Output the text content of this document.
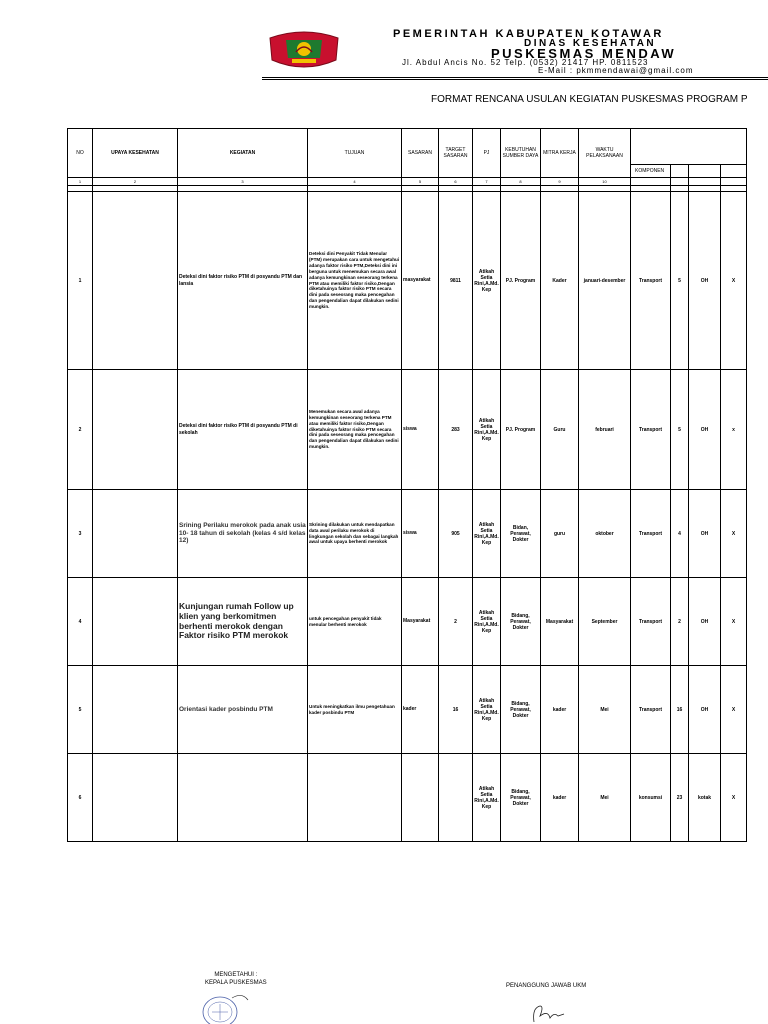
PEMERINTAH KABUPATEN KOTAWAR
DINAS KESEHATAN
PUSKESMAS MENDAW
Jl. Abdul Ancis No. 52 Telp. (0532) 21417 HP. 0811523
E-Mail : pkmmendawai@gmail.com
FORMAT RENCANA USULAN KEGIATAN PUSKESMAS PROGRAM P
NO	UPAYA KESEHATAN	KEGIATAN	TUJUAN	SASARAN	TARGET SASARAN	PJ	KEBUTUHAN SUMBER DAYA	MITRA KERJA	WAKTU PELAKSANAAN				
										KOMPONEN			
1	2	3	4	5	6	7	8	9	10				

1		Deteksi dini faktor risiko PTM di posyandu PTM dan lansia	Deteksi dini Penyakit Tidak Menular (PTM) merupakan cara untuk mengetahui adanya faktor risiko PTM,Deteksi dini ini berguna untuk menemukan secara awal adanya kemungkinan seseorang terkena PTM atau memiliki faktor risiko,Dengan diketahuinya faktor risiko PTM secara dini pada seseorang maka pencegahan dan pengendalian dapat dilakukan sedini mungkin.	masyarakat	9811	Atikah Setia Rini,A.Md. Kep	PJ. Program	Kader	januari-desember	Transport	5	OH	X
2		Deteksi dini faktor risiko PTM di posyandu PTM di sekolah	Menemukan secara awal adanya kemungkinan seseorang terkena PTM atau memiliki faktor risiko,Dengan diketahuinya faktor risiko PTM secara dini pada seseorang maka pencegahan dan pengendalian dapat dilakukan sedini mungkin.	siswa	283	Atikah Setia Rini,A.Md. Kep	PJ. Program	Guru	februari	Transport	5	OH	x
3		Srining Perilaku merokok pada anak usia 10- 18 tahun di sekolah (kelas 4 s/d kelas 12)	Skrining dilakukan untuk mendapatkan data awal perilaku merokok di lingkungan sekolah dan sebagai langkah awal untuk upaya berhenti merokok	siswa	905	Atikah Setia Rini,A.Md. Kep	Bidan, Perawat, Dokter	guru	oktober	Transport	4	OH	X
4		Kunjungan rumah Follow up klien yang berkomitmen berhenti merokok dengan Faktor risiko PTM merokok	untuk pencegahan penyakit tidak menular berhenti merokok	Masyarakat	2	Atikah Setia Rini,A.Md. Kep	Bidang, Perawat, Dokter	Masyarakat	September	Transport	2	OH	X
5		Orientasi kader posbindu PTM	Untuk meningkatkan ilmu pengetahuan kader posbindu PTM	kader	16	Atikah Setia Rini,A.Md. Kep	Bidang, Perawat, Dokter	kader	Mei	Transport	16	OH	X
6						Atikah Setia Rini,A.Md. Kep	Bidang, Perawat, Dokter	kader	Mei	konsumsi	23	kotak	X
MENGETAHUI :
KEPALA PUSKESMAS
PENANGGUNG JAWAB UKM
